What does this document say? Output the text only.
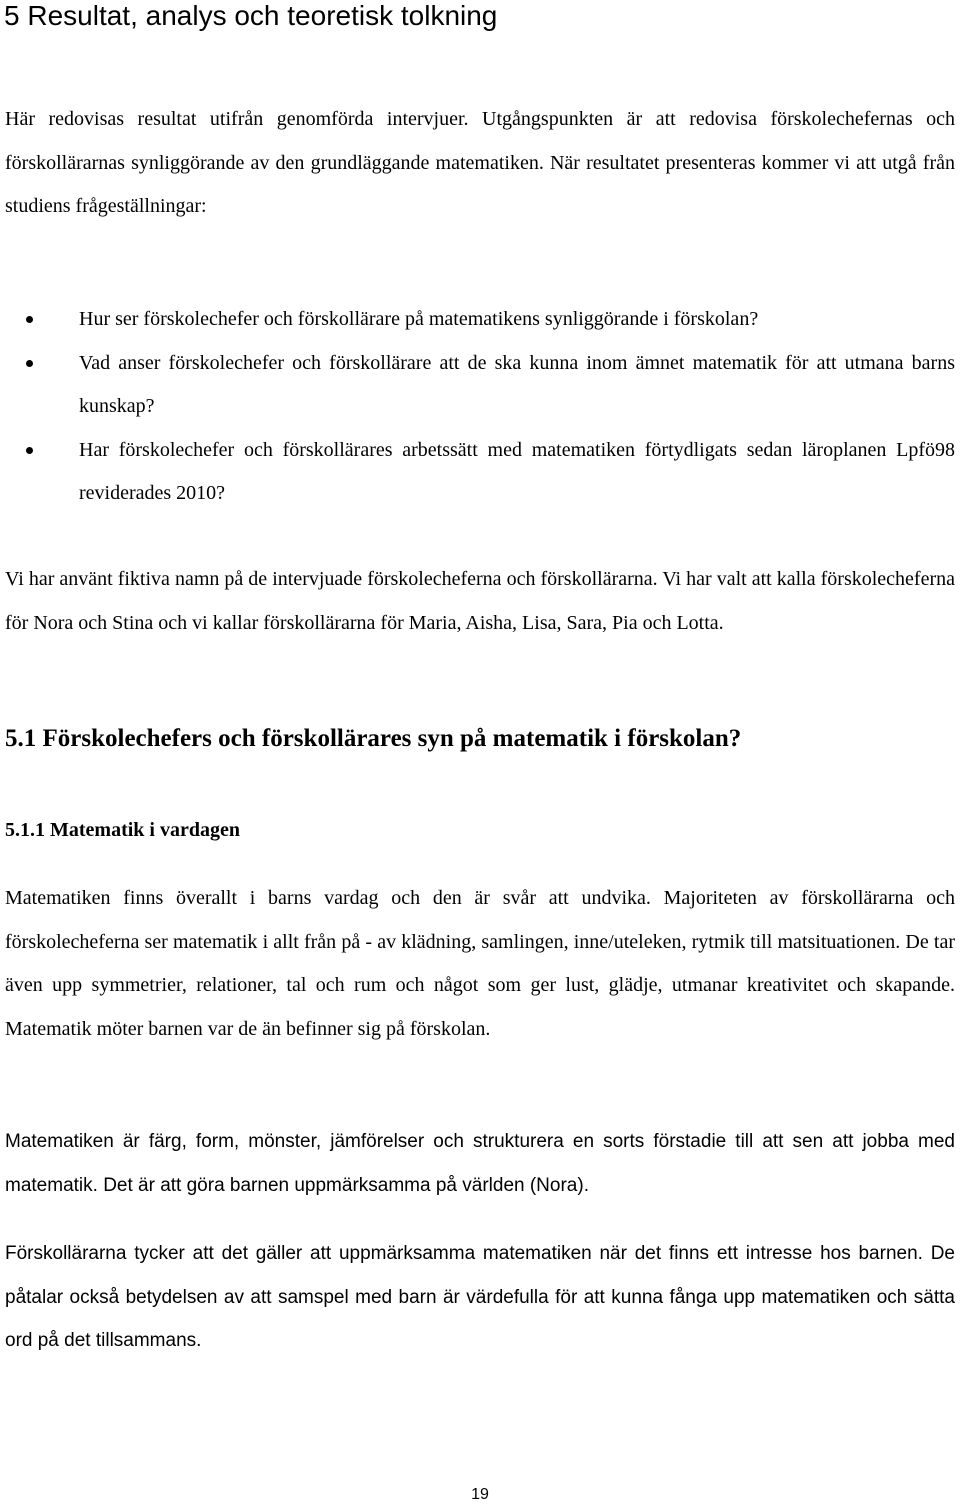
5 Resultat, analys och teoretisk tolkning

Här redovisas resultat utifrån genomförda intervjuer. Utgångspunkten är att redovisa förskolechefernas och förskollärarnas synliggörande av den grundläggande matematiken. När resultatet presenteras kommer vi att utgå från studiens frågeställningar:

Hur ser förskolechefer och förskollärare på matematikens synliggörande i förskolan?
Vad anser förskolechefer och förskollärare att de ska kunna inom ämnet matematik för att utmana barns kunskap?
Har förskolechefer och förskollärares arbetssätt med matematiken förtydligats sedan läroplanen Lpfö98 reviderades 2010?

Vi har använt fiktiva namn på de intervjuade förskolecheferna och förskollärarna. Vi har valt att kalla förskolecheferna för Nora och Stina och vi kallar förskollärarna för Maria, Aisha, Lisa, Sara, Pia och Lotta.

5.1 Förskolechefers och förskollärares syn på matematik i förskolan?
5.1.1 Matematik i vardagen

Matematiken finns överallt i barns vardag och den är svår att undvika. Majoriteten av förskollärarna och förskolecheferna ser matematik i allt från på - av klädning, samlingen, inne/uteleken, rytmik till matsituationen. De tar även upp symmetrier, relationer, tal och rum och något som ger lust, glädje, utmanar kreativitet och skapande. Matematik möter barnen var de än befinner sig på förskolan.

Matematiken är färg, form, mönster, jämförelser och strukturera en sorts förstadie till att sen att jobba med matematik. Det är att göra barnen uppmärksamma på världen (Nora).

Förskollärarna tycker att det gäller att uppmärksamma matematiken när det finns ett intresse hos barnen. De påtalar också betydelsen av att samspel med barn är värdefulla för att kunna fånga upp matematiken och sätta ord på det tillsammans.

19
